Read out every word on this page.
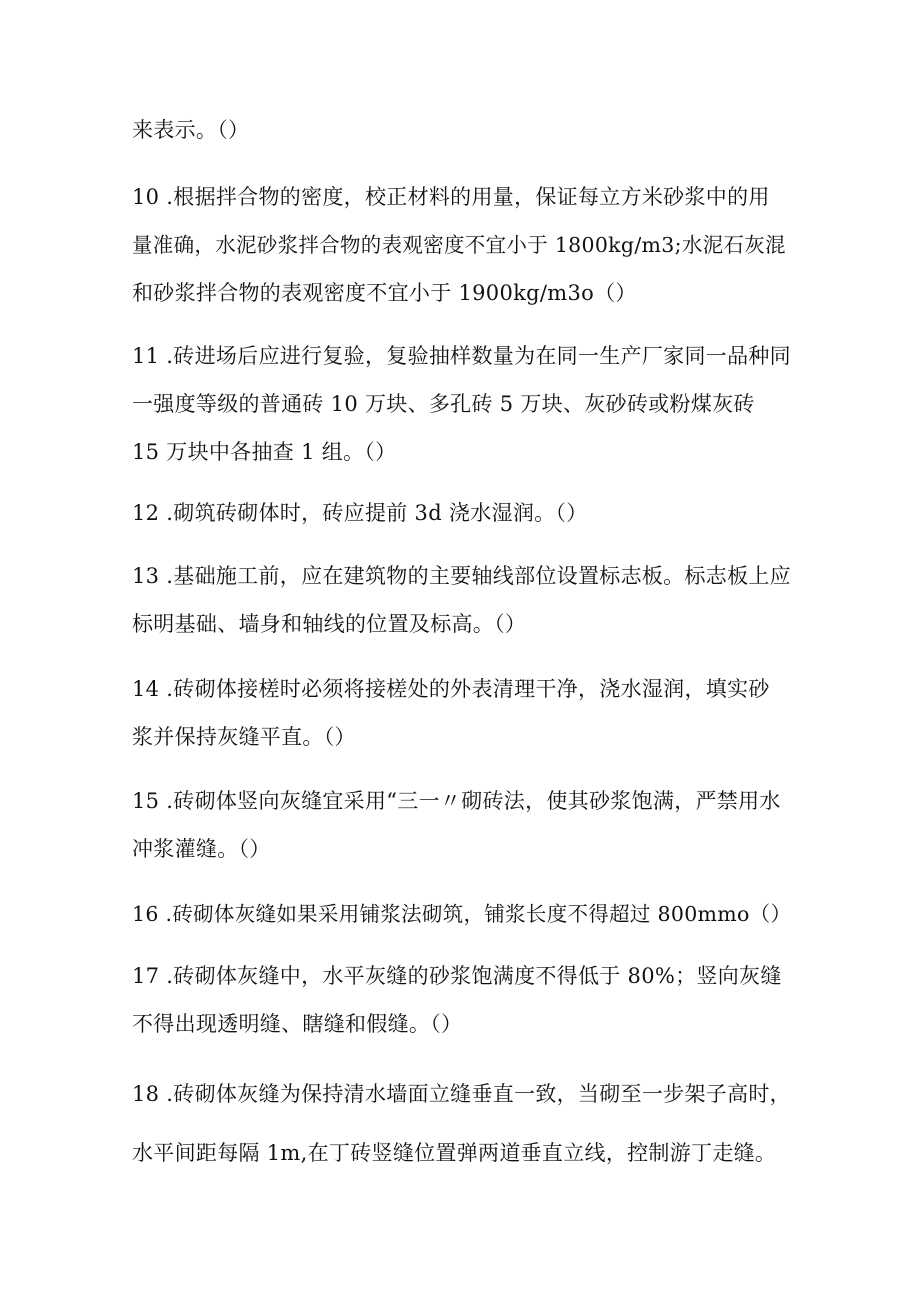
来表示。（）
10 .根据拌合物的密度，校正材料的用量，保证每立方米砂浆中的用
量准确，水泥砂浆拌合物的表观密度不宜小于 1800kg∕m3;水泥石灰混
和砂浆拌合物的表观密度不宜小于 1900kg∕m3o（）
11 .砖进场后应进行复验，复验抽样数量为在同一生产厂家同一品种同
一强度等级的普通砖 10 万块、多孔砖 5 万块、灰砂砖或粉煤灰砖
15 万块中各抽查 1 组。（）
12 .砌筑砖砌体时，砖应提前 3d 浇水湿润。（）
13 .基础施工前，应在建筑物的主要轴线部位设置标志板。标志板上应
标明基础、墙身和轴线的位置及标高。（）
14 .砖砌体接槎时必须将接槎处的外表清理干净，浇水湿润，填实砂
浆并保持灰缝平直。（）
15 .砖砌体竖向灰缝宜采用“三一〃砌砖法，使其砂浆饱满，严禁用水
冲浆灌缝。（）
16 .砖砌体灰缝如果采用铺浆法砌筑，铺浆长度不得超过 800mmo（）
17 .砖砌体灰缝中，水平灰缝的砂浆饱满度不得低于 80%；竖向灰缝
不得出现透明缝、瞎缝和假缝。（）
18 .砖砌体灰缝为保持清水墙面立缝垂直一致，当砌至一步架子高时，
水平间距每隔 1m,在丁砖竖缝位置弹两道垂直立线，控制游丁走缝。
